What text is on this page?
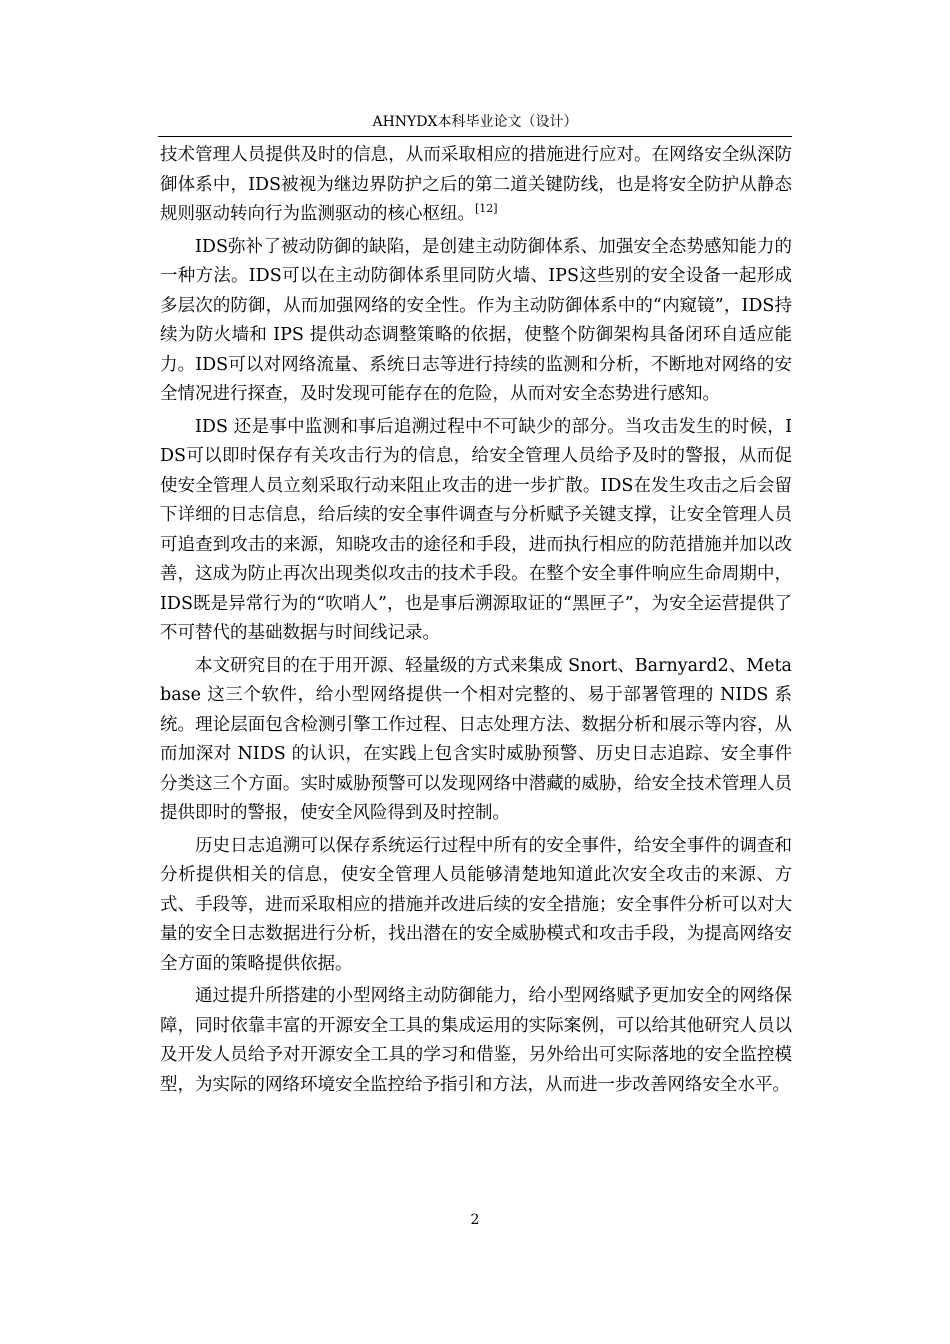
AHNYDX本科毕业论文（设计）

技术管理人员提供及时的信息，从而采取相应的措施进行应对。在网络安全纵深防御体系中，IDS被视为继边界防护之后的第二道关键防线，也是将安全防护从静态规则驱动转向行为监测驱动的核心枢纽。[12]

IDS弥补了被动防御的缺陷，是创建主动防御体系、加强安全态势感知能力的一种方法。IDS可以在主动防御体系里同防火墙、IPS这些别的安全设备一起形成多层次的防御，从而加强网络的安全性。作为主动防御体系中的“内窥镜”，IDS持续为防火墙和 IPS 提供动态调整策略的依据，使整个防御架构具备闭环自适应能力。IDS可以对网络流量、系统日志等进行持续的监测和分析，不断地对网络的安全情况进行探查，及时发现可能存在的危险，从而对安全态势进行感知。

IDS 还是事中监测和事后追溯过程中不可缺少的部分。当攻击发生的时候，IDS可以即时保存有关攻击行为的信息，给安全管理人员给予及时的警报，从而促使安全管理人员立刻采取行动来阻止攻击的进一步扩散。IDS在发生攻击之后会留下详细的日志信息，给后续的安全事件调查与分析赋予关键支撑，让安全管理人员可追查到攻击的来源，知晓攻击的途径和手段，进而执行相应的防范措施并加以改善，这成为防止再次出现类似攻击的技术手段。在整个安全事件响应生命周期中，IDS既是异常行为的“吹哨人”，也是事后溯源取证的“黑匣子”，为安全运营提供了不可替代的基础数据与时间线记录。

本文研究目的在于用开源、轻量级的方式来集成 Snort、Barnyard2、Metabase 这三个软件，给小型网络提供一个相对完整的、易于部署管理的 NIDS 系统。理论层面包含检测引擎工作过程、日志处理方法、数据分析和展示等内容，从而加深对 NIDS 的认识，在实践上包含实时威胁预警、历史日志追踪、安全事件分类这三个方面。实时威胁预警可以发现网络中潜藏的威胁，给安全技术管理人员提供即时的警报，使安全风险得到及时控制。

历史日志追溯可以保存系统运行过程中所有的安全事件，给安全事件的调查和分析提供相关的信息，使安全管理人员能够清楚地知道此次安全攻击的来源、方式、手段等，进而采取相应的措施并改进后续的安全措施；安全事件分析可以对大量的安全日志数据进行分析，找出潜在的安全威胁模式和攻击手段，为提高网络安全方面的策略提供依据。

通过提升所搭建的小型网络主动防御能力，给小型网络赋予更加安全的网络保障，同时依靠丰富的开源安全工具的集成运用的实际案例，可以给其他研究人员以及开发人员给予对开源安全工具的学习和借鉴，另外给出可实际落地的安全监控模型，为实际的网络环境安全监控给予指引和方法，从而进一步改善网络安全水平。

2
